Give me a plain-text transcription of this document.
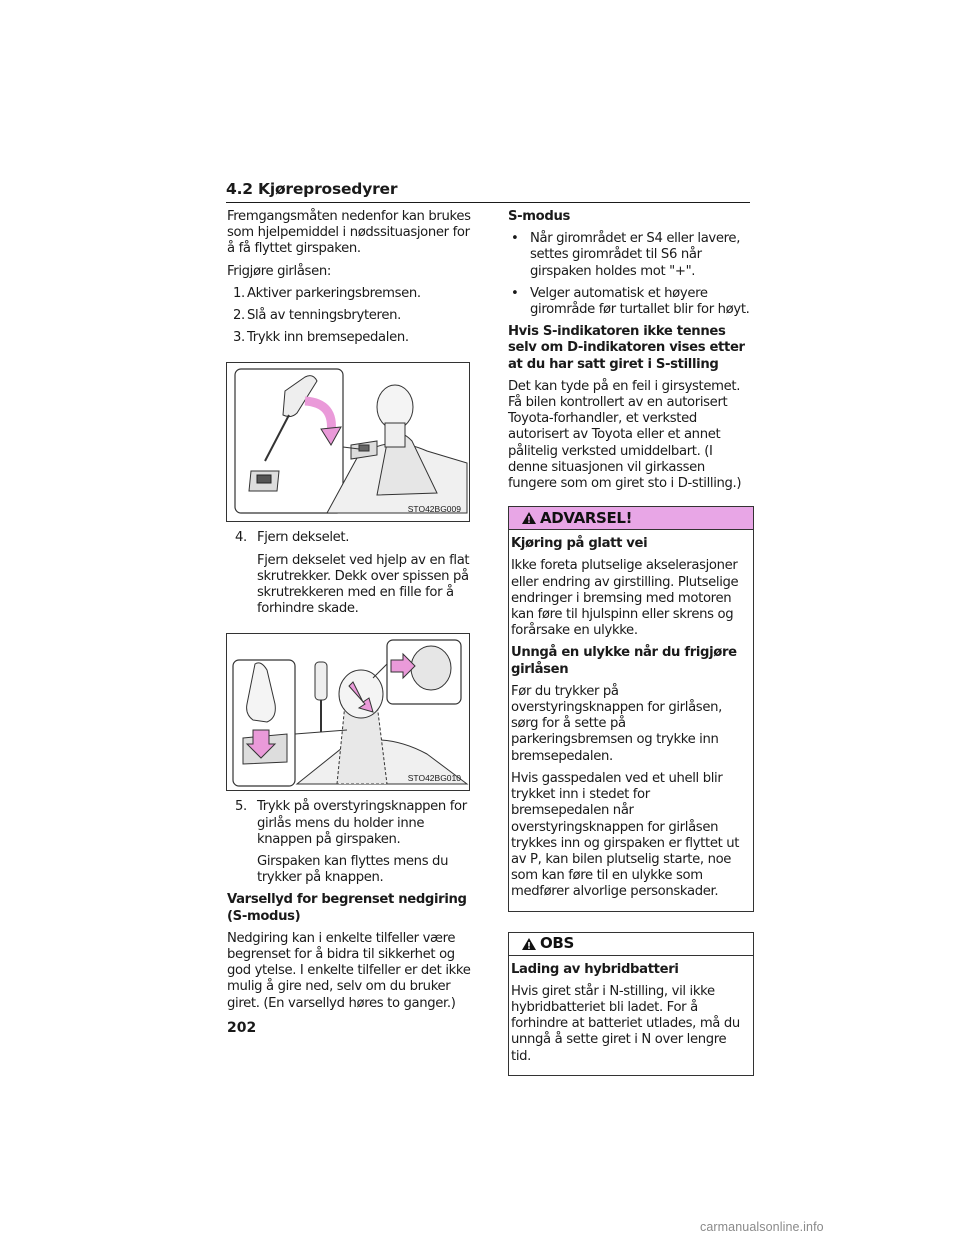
4.2 Kjøreprosedyrer

Fremgangsmåten nedenfor kan brukes som hjelpemiddel i nødssituasjoner for å få flyttet girspaken.

Frigjøre girlåsen:

1. Aktiver parkeringsbremsen.
2. Slå av tenningsbryteren.
3. Trykk inn bremsepedalen.
STO42BG009
4. Fjern dekselet.
Fjern dekselet ved hjelp av en flat skrutrekker. Dekk over spissen på skrutrekkeren med en fille for å forhindre skade.
STO42BG010
5. Trykk på overstyringsknappen for girlås mens du holder inne knappen på girspaken.
Girspaken kan flyttes mens du trykker på knappen.

Varsellyd for begrenset nedgiring (S-modus)

Nedgiring kan i enkelte tilfeller være begrenset for å bidra til sikkerhet og god ytelse. I enkelte tilfeller er det ikke mulig å gire ned, selv om du bruker giret. (En varsellyd høres to ganger.)

S-modus

• Når girområdet er S4 eller lavere, settes girområdet til S6 når girspaken holdes mot "+".
• Velger automatisk et høyere girområde før turtallet blir for høyt.

Hvis S-indikatoren ikke tennes selv om D-indikatoren vises etter at du har satt giret i S-stilling

Det kan tyde på en feil i girsystemet. Få bilen kontrollert av en autorisert Toyota-forhandler, et verksted autorisert av Toyota eller et annet pålitelig verksted umiddelbart. (I denne situasjonen vil girkassen fungere som om giret sto i D-stilling.)

ADVARSEL!

Kjøring på glatt vei

Ikke foreta plutselige akselerasjoner eller endring av girstilling. Plutselige endringer i bremsing med motoren kan føre til hjulspinn eller skrens og forårsake en ulykke.

Unngå en ulykke når du frigjøre girlåsen

Før du trykker på overstyringsknappen for girlåsen, sørg for å sette på parkeringsbremsen og trykke inn bremsepedalen.

Hvis gasspedalen ved et uhell blir trykket inn i stedet for bremsepedalen når overstyringsknappen for girlåsen trykkes inn og girspaken er flyttet ut av P, kan bilen plutselig starte, noe som kan føre til en ulykke som medfører alvorlige personskader.

OBS

Lading av hybridbatteri

Hvis giret står i N-stilling, vil ikke hybridbatteriet bli ladet. For å forhindre at batteriet utlades, må du unngå å sette giret i N over lengre tid.

202
carmanualsonline.info
